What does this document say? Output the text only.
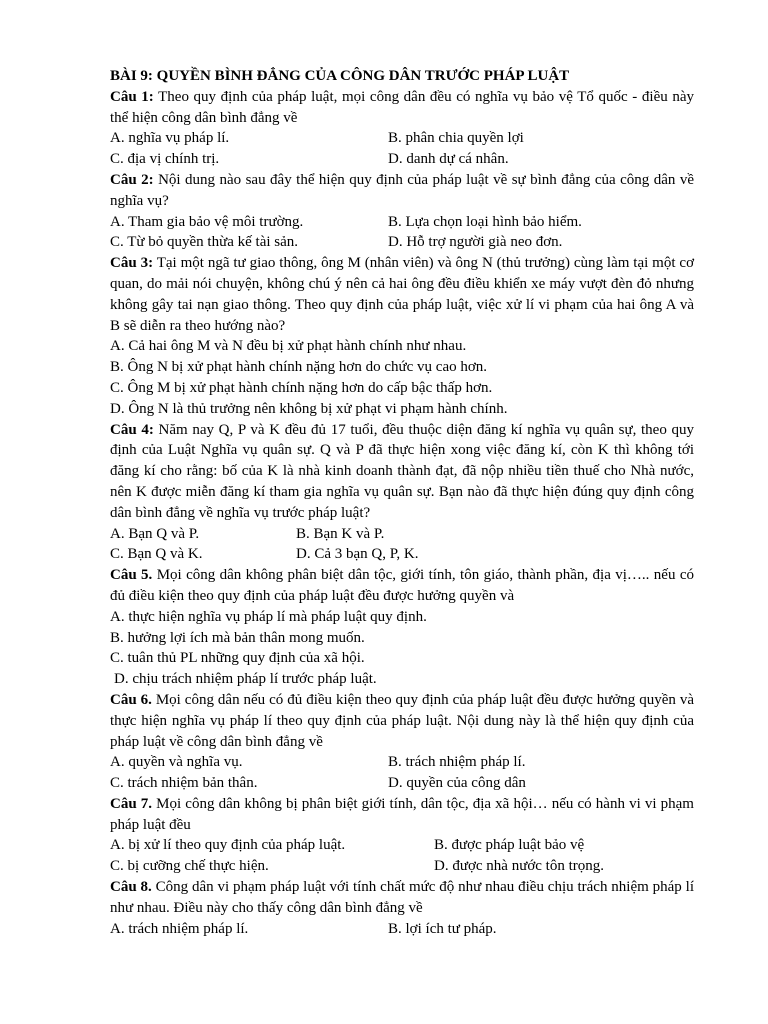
BÀI 9: QUYỀN BÌNH ĐẲNG CỦA CÔNG DÂN TRƯỚC PHÁP LUẬT
Câu 1: Theo quy định của pháp luật, mọi công dân đều có nghĩa vụ bảo vệ Tổ quốc - điều này thể hiện công dân bình đẳng về
A. nghĩa vụ pháp lí.	B. phân chia quyền lợi
C. địa vị chính trị.	D. danh dự cá nhân.
Câu 2: Nội dung nào sau đây thể hiện quy định của pháp luật về sự bình đẳng của công dân về nghĩa vụ?
A. Tham gia bảo vệ môi trường.	B. Lựa chọn loại hình bảo hiểm.
C. Từ bỏ quyền thừa kế tài sản.	D. Hỗ trợ người già neo đơn.
Câu 3: Tại một ngã tư giao thông, ông M (nhân viên) và ông N (thủ trưởng) cùng làm tại một cơ quan, do mải nói chuyện, không chú ý nên cả hai ông đều điều khiển xe máy vượt đèn đỏ nhưng không gây tai nạn giao thông. Theo quy định của pháp luật, việc xử lí vi phạm của hai ông A và B sẽ diễn ra theo hướng nào?
A. Cả hai ông M và N đều bị xử phạt hành chính như nhau.
B. Ông N bị xử phạt hành chính nặng hơn do chức vụ cao hơn.
C. Ông M bị xử phạt hành chính nặng hơn do cấp bậc thấp hơn.
D. Ông N là thủ trưởng nên không bị xử phạt vi phạm hành chính.
Câu 4: Năm nay Q, P và K đều đủ 17 tuổi, đều thuộc diện đăng kí nghĩa vụ quân sự, theo quy định của Luật Nghĩa vụ quân sự. Q và P đã thực hiện xong việc đăng kí, còn K thì không tới đăng kí cho rằng: bố của K là nhà kinh doanh thành đạt, đã nộp nhiều tiền thuế cho Nhà nước, nên K được miễn đăng kí tham gia nghĩa vụ quân sự. Bạn nào đã thực hiện đúng quy định công dân bình đẳng về nghĩa vụ trước pháp luật?
A. Bạn Q và P.	B. Bạn K và P.
C. Bạn Q và K.	D. Cả 3 bạn Q, P, K.
Câu 5. Mọi công dân không phân biệt dân tộc, giới tính, tôn giáo, thành phần, địa vị….. nếu có đủ điều kiện theo quy định của pháp luật đều được hưởng quyền và
A. thực hiện nghĩa vụ pháp lí mà pháp luật quy định.
B. hưởng lợi ích mà bản thân mong muốn.
C. tuân thủ PL những quy định của xã hội.
D. chịu trách nhiệm pháp lí trước pháp luật.
Câu 6. Mọi công dân nếu có đủ điều kiện theo quy định của pháp luật đều được hưởng quyền và thực hiện nghĩa vụ pháp lí theo quy định của pháp luật. Nội dung này là thể hiện quy định của pháp luật về công dân bình đẳng về
A. quyền và nghĩa vụ.	B. trách nhiệm pháp lí.
C. trách nhiệm bản thân.	D. quyền của công dân
Câu 7. Mọi công dân không bị phân biệt giới tính, dân tộc, địa xã hội… nếu có hành vi vi phạm pháp luật đều
A. bị xử lí theo quy định của pháp luật.	B. được pháp luật bảo vệ
C. bị cưỡng chế thực hiện.	D. được nhà nước tôn trọng.
Câu 8. Công dân vi phạm pháp luật với tính chất mức độ như nhau điều chịu trách nhiệm pháp lí như nhau. Điều này cho thấy công dân bình đẳng về
A. trách nhiệm pháp lí.	B. lợi ích tư pháp.
